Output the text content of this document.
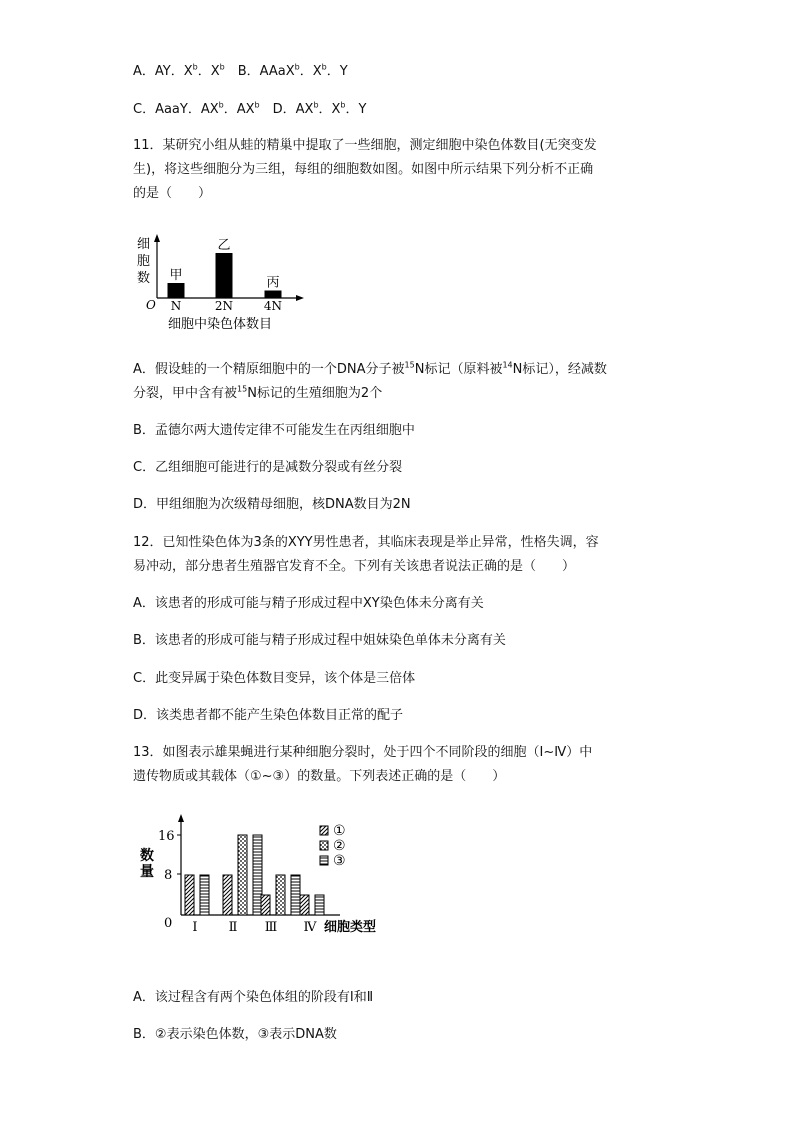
A．AY．$X^b$．$X^b$　B．AAaX$^b$．$X^b$．Y
C．AaaY．$AX^b$．$AX^b$　D．$AX^b$．$X^b$．Y
11．某研究小组从蛙的精巢中提取了一些细胞，测定细胞中染色体数目(无突变发
生)，将这些细胞分为三组，每组的细胞数如图。如图中所示结果下列分析不正确
的是（　　）
细
胞
数
O
甲
N
乙
2N
丙
4N
细胞中染色体数目
A．假设蛙的一个精原细胞中的一个DNA分子被$^{15}$N标记（原料被$^{14}$N标记），经减数
分裂，甲中含有被$^{15}$N标记的生殖细胞为2个
B．孟德尔两大遗传定律不可能发生在丙组细胞中
C．乙组细胞可能进行的是减数分裂或有丝分裂
D．甲组细胞为次级精母细胞，核DNA数目为2N
12．已知性染色体为3条的XYY男性患者，其临床表现是举止异常，性格失调，容
易冲动，部分患者生殖器官发育不全。下列有关该患者说法正确的是（　　）
A．该患者的形成可能与精子形成过程中XY染色体未分离有关
B．该患者的形成可能与精子形成过程中姐妹染色单体未分离有关
C．此变异属于染色体数目变异，该个体是三倍体
D．该类患者都不能产生染色体数目正常的配子
13．如图表示雄果蝇进行某种细胞分裂时，处于四个不同阶段的细胞（Ⅰ~Ⅳ）中
遗传物质或其载体（①~③）的数量。下列表述正确的是（　　）
数
量
16
8
0 Ⅰ Ⅱ Ⅲ Ⅳ 细胞类型
①
②
③
A．该过程含有两个染色体组的阶段有Ⅰ和Ⅱ
B．②表示染色体数，③表示DNA数
